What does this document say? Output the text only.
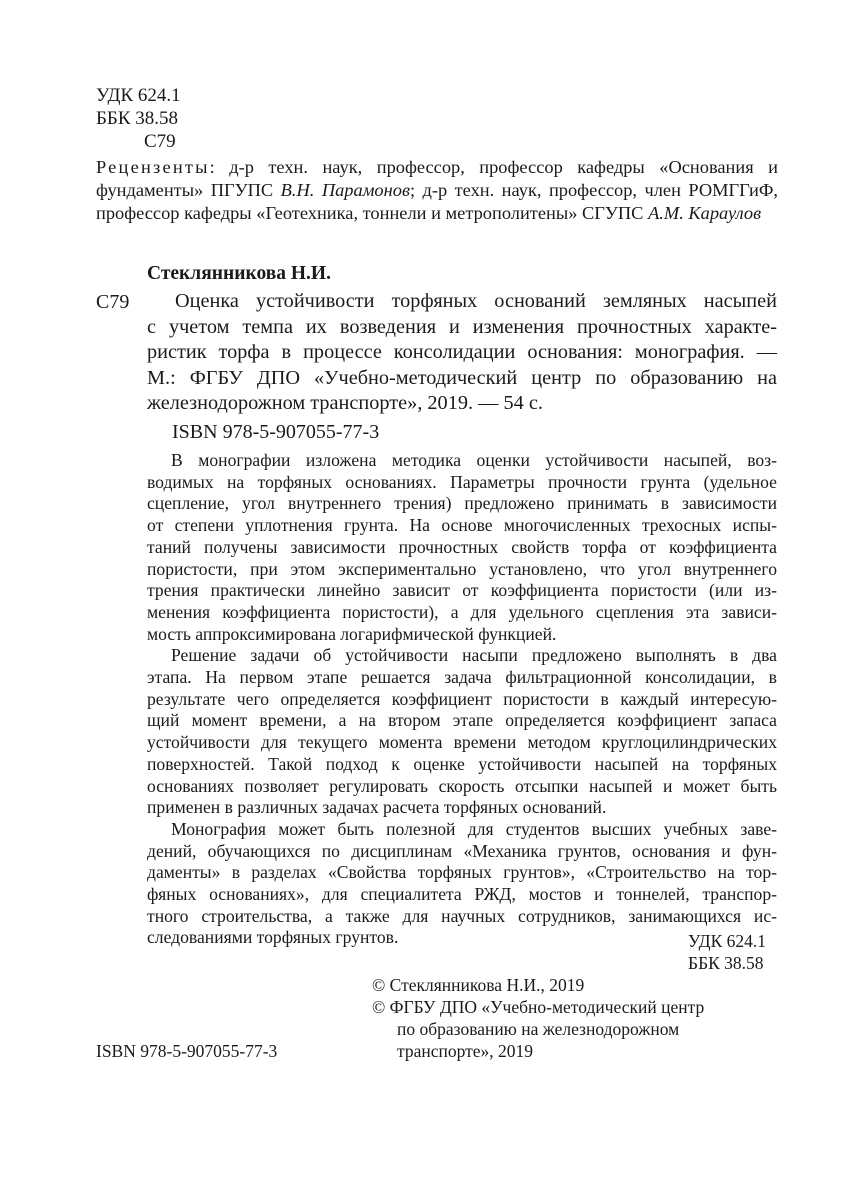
УДК 624.1
ББК 38.58
С79
Рецензенты: д-р техн. наук, профессор, профессор кафедры «Основания и фундаменты» ПГУПС В.Н. Парамонов; д-р техн. наук, профессор, член РОМГГиФ, профессор кафедры «Геотехника, тоннели и метрополитены» СГУПС А.М. Караулов
Стеклянникова Н.И.
С79	Оценка устойчивости торфяных оснований земляных насыпей
с учетом темпа их возведения и изменения прочностных характе-
ристик торфа в процессе консолидации основания: монография. —
М.: ФГБУ ДПО «Учебно-методический центр по образованию на
железнодорожном транспорте», 2019. — 54 с.
ISBN 978-5-907055-77-3

В монографии изложена методика оценки устойчивости насыпей, воз-
водимых на торфяных основаниях. Параметры прочности грунта (удельное
сцепление, угол внутреннего трения) предложено принимать в зависимости
от степени уплотнения грунта. На основе многочисленных трехосных испы-
таний получены зависимости прочностных свойств торфа от коэффициента
пористости, при этом экспериментально установлено, что угол внутреннего
трения практически линейно зависит от коэффициента пористости (или из-
менения коэффициента пористости), а для удельного сцепления эта зависи-
мость аппроксимирована логарифмической функцией.

Решение задачи об устойчивости насыпи предложено выполнять в два
этапа. На первом этапе решается задача фильтрационной консолидации, в
результате чего определяется коэффициент пористости в каждый интересую-
щий момент времени, а на втором этапе определяется коэффициент запаса
устойчивости для текущего момента времени методом круглоцилиндрических
поверхностей. Такой подход к оценке устойчивости насыпей на торфяных
основаниях позволяет регулировать скорость отсыпки насыпей и может быть
применен в различных задачах расчета торфяных оснований.

Монография может быть полезной для студентов высших учебных заве-
дений, обучающихся по дисциплинам «Механика грунтов, основания и фун-
даменты» в разделах «Свойства торфяных грунтов», «Строительство на тор-
фяных основаниях», для специалитета РЖД, мостов и тоннелей, транспор-
тного строительства, а также для научных сотрудников, занимающихся ис-
следованиями торфяных грунтов.	УДК 624.1
ББК 38.58
© Стеклянникова Н.И., 2019
© ФГБУ ДПО «Учебно-методический центр
по образованию на железнодорожном
транспорте», 2019
ISBN 978-5-907055-77-3
